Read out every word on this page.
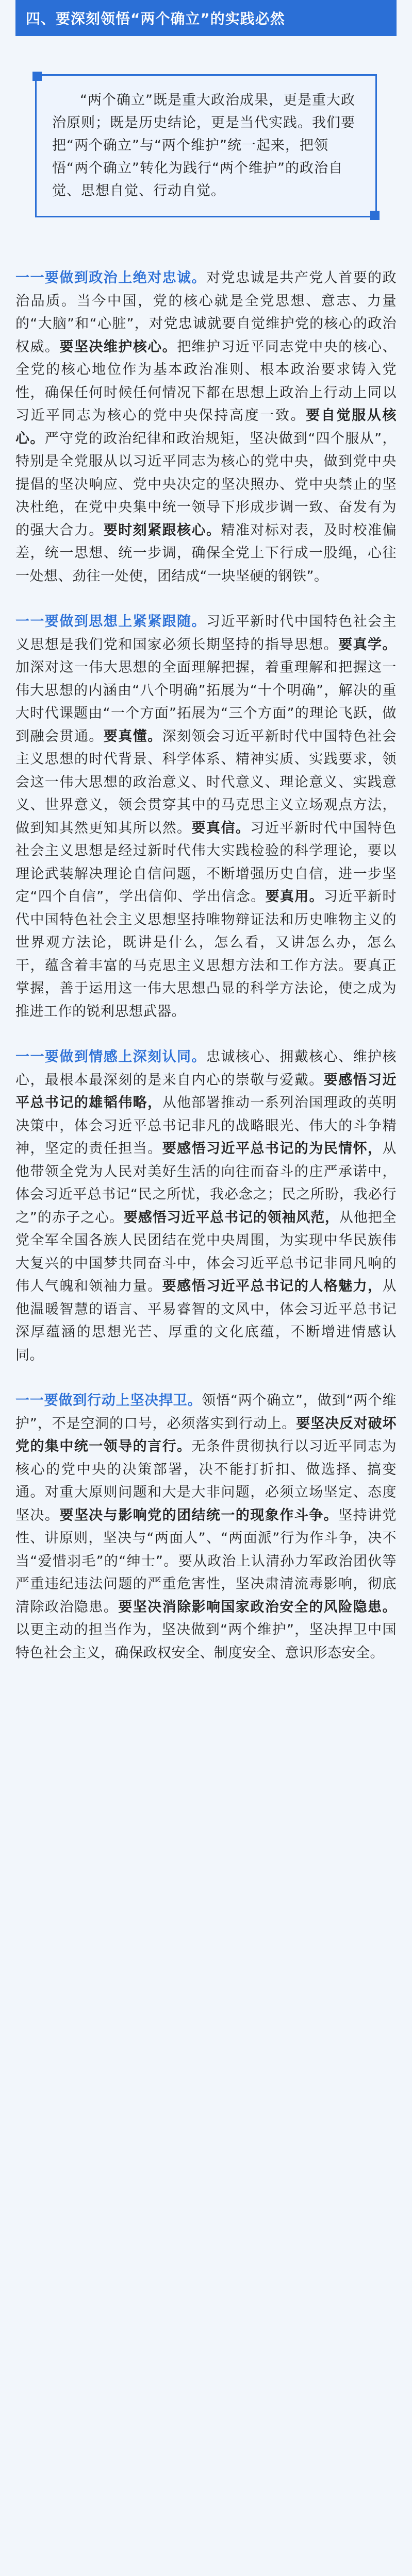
四、要深刻领悟“两个确立”的实践必然

“两个确立”既是重大政治成果，更是重大政治原则；既是历史结论，更是当代实践。我们要把“两个确立”与“两个维护”统一起来，把领悟“两个确立”转化为践行“两个维护”的政治自觉、思想自觉、行动自觉。

一一要做到政治上绝对忠诚。对党忠诚是共产党人首要的政治品质。当今中国，党的核心就是全党思想、意志、力量的“大脑”和“心脏”，对党忠诚就要自觉维护党的核心的政治权威。要坚决维护核心。把维护习近平同志党中央的核心、全党的核心地位作为基本政治准则、根本政治要求铸入党性，确保任何时候任何情况下都在思想上政治上行动上同以习近平同志为核心的党中央保持高度一致。要自觉服从核心。严守党的政治纪律和政治规矩，坚决做到“四个服从”，特别是全党服从以习近平同志为核心的党中央，做到党中央提倡的坚决响应、党中央决定的坚决照办、党中央禁止的坚决杜绝，在党中央集中统一领导下形成步调一致、奋发有为的强大合力。要时刻紧跟核心。精准对标对表，及时校准偏差，统一思想、统一步调，确保全党上下行成一股绳，心往一处想、劲往一处使，团结成“一块坚硬的钢铁”。

一一要做到思想上紧紧跟随。习近平新时代中国特色社会主义思想是我们党和国家必须长期坚持的指导思想。要真学。加深对这一伟大思想的全面理解把握，着重理解和把握这一伟大思想的内涵由“八个明确”拓展为“十个明确”，解决的重大时代课题由“一个方面”拓展为“三个方面”的理论飞跃，做到融会贯通。要真懂。深刻领会习近平新时代中国特色社会主义思想的时代背景、科学体系、精神实质、实践要求，领会这一伟大思想的政治意义、时代意义、理论意义、实践意义、世界意义，领会贯穿其中的马克思主义立场观点方法，做到知其然更知其所以然。要真信。习近平新时代中国特色社会主义思想是经过新时代伟大实践检验的科学理论，要以理论武装解决理论自信问题，不断增强历史自信，进一步坚定“四个自信”，学出信仰、学出信念。要真用。习近平新时代中国特色社会主义思想坚持唯物辩证法和历史唯物主义的世界观方法论，既讲是什么，怎么看，又讲怎么办，怎么干，蕴含着丰富的马克思主义思想方法和工作方法。要真正掌握，善于运用这一伟大思想凸显的科学方法论，使之成为推进工作的锐利思想武器。

一一要做到情感上深刻认同。忠诚核心、拥戴核心、维护核心，最根本最深刻的是来自内心的崇敬与爱戴。要感悟习近平总书记的雄韬伟略，从他部署推动一系列治国理政的英明决策中，体会习近平总书记非凡的战略眼光、伟大的斗争精神，坚定的责任担当。要感悟习近平总书记的为民情怀，从他带领全党为人民对美好生活的向往而奋斗的庄严承诺中，体会习近平总书记“民之所忧，我必念之；民之所盼，我必行之”的赤子之心。要感悟习近平总书记的领袖风范，从他把全党全军全国各族人民团结在党中央周围，为实现中华民族伟大复兴的中国梦共同奋斗中，体会习近平总书记非同凡响的伟人气魄和领袖力量。要感悟习近平总书记的人格魅力，从他温暖智慧的语言、平易睿智的文风中，体会习近平总书记深厚蕴涵的思想光芒、厚重的文化底蕴，不断增进情感认同。

一一要做到行动上坚决捍卫。领悟“两个确立”，做到“两个维护”，不是空洞的口号，必须落实到行动上。要坚决反对破坏党的集中统一领导的言行。无条件贯彻执行以习近平同志为核心的党中央的决策部署，决不能打折扣、做选择、搞变通。对重大原则问题和大是大非问题，必须立场坚定、态度坚决。要坚决与影响党的团结统一的现象作斗争。坚持讲党性、讲原则，坚决与“两面人”、“两面派”行为作斗争，决不当“爱惜羽毛”的“绅士”。要从政治上认清孙力军政治团伙等严重违纪违法问题的严重危害性，坚决肃清流毒影响，彻底清除政治隐患。要坚决消除影响国家政治安全的风险隐患。以更主动的担当作为，坚决做到“两个维护”，坚决捍卫中国特色社会主义，确保政权安全、制度安全、意识形态安全。
